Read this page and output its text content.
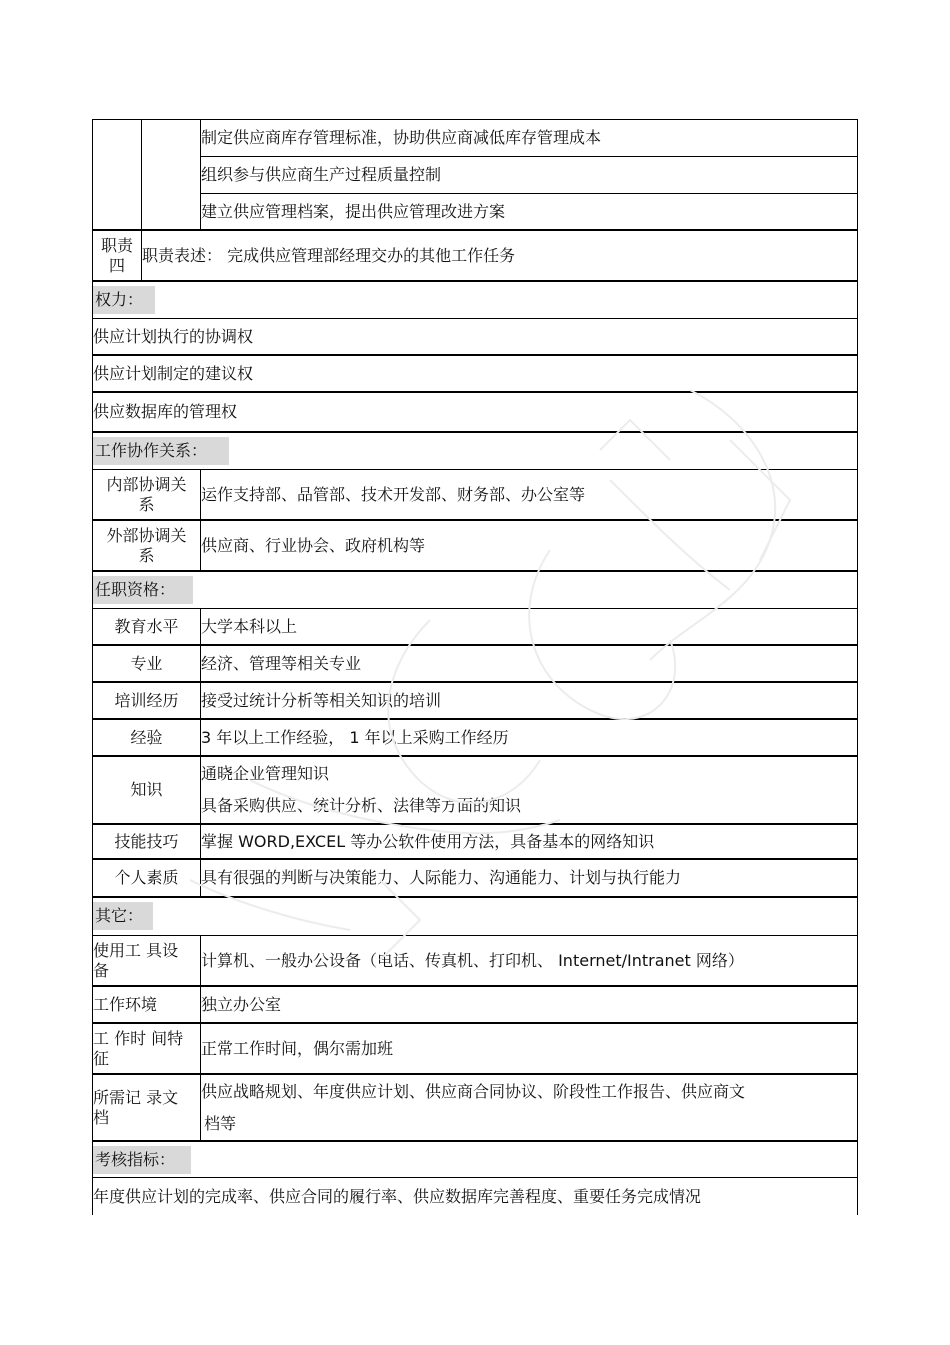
制定供应商库存管理标准，协助供应商减低库存管理成本
组织参与供应商生产过程质量控制
建立供应管理档案，提出供应管理改进方案
职责
四
职责表述： 完成供应管理部经理交办的其他工作任务
权力：
供应计划执行的协调权
供应计划制定的建议权
供应数据库的管理权
工作协作关系：
内部协调关
系
运作支持部、品管部、技术开发部、财务部、办公室等
外部协调关
系
供应商、行业协会、政府机构等
任职资格：
教育水平 大学本科以上
专业 经济、管理等相关专业
培训经历 接受过统计分析等相关知识的培训
经验 3 年以上工作经验， 1 年以上采购工作经历
知识
通晓企业管理知识
具备采购供应、统计分析、法律等方面的知识
技能技巧 掌握 WORD,EXCEL 等办公软件使用方法，具备基本的网络知识
个人素质 具有很强的判断与决策能力、人际能力、沟通能力、计划与执行能力
其它：
使用工 具设
备
计算机、一般办公设备（电话、传真机、打印机、 Internet/Intranet 网络）
工作环境	独立办公室
工 作时 间特
征
正常工作时间，偶尔需加班
所需记 录文
档
供应战略规划、年度供应计划、供应商合同协议、阶段性工作报告、供应商文
档等
考核指标：
年度供应计划的完成率、供应合同的履行率、供应数据库完善程度、重要任务完成情况
